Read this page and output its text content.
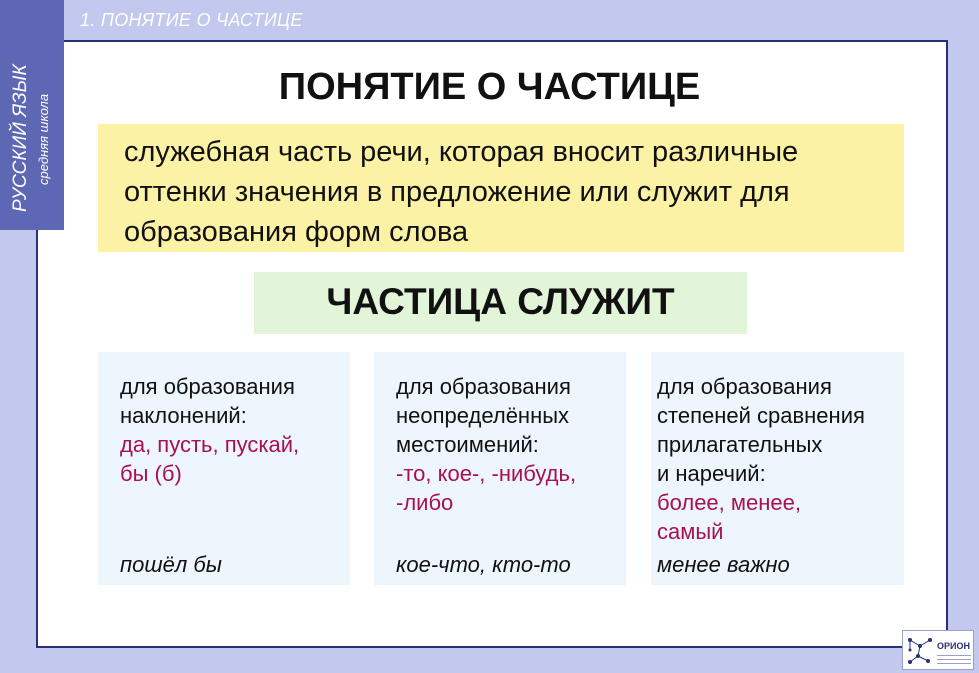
1. ПОНЯТИЕ О ЧАСТИЦЕ
РУССКИЙ ЯЗЫК средняя школа
ПОНЯТИЕ О ЧАСТИЦЕ
служебная часть речи, которая вносит различные оттенки значения в предложение или служит для образования форм слова
ЧАСТИЦА СЛУЖИТ
для образования
наклонений:
да, пусть, пускай,
бы (б)
пошёл бы
для образования
неопределённых
местоимений:
-то, кое-, -нибудь,
-либо
кое-что, кто-то
для образования
степеней сравнения
прилагательных
и наречий:
более, менее,
самый
менее важно
ОРИОН
